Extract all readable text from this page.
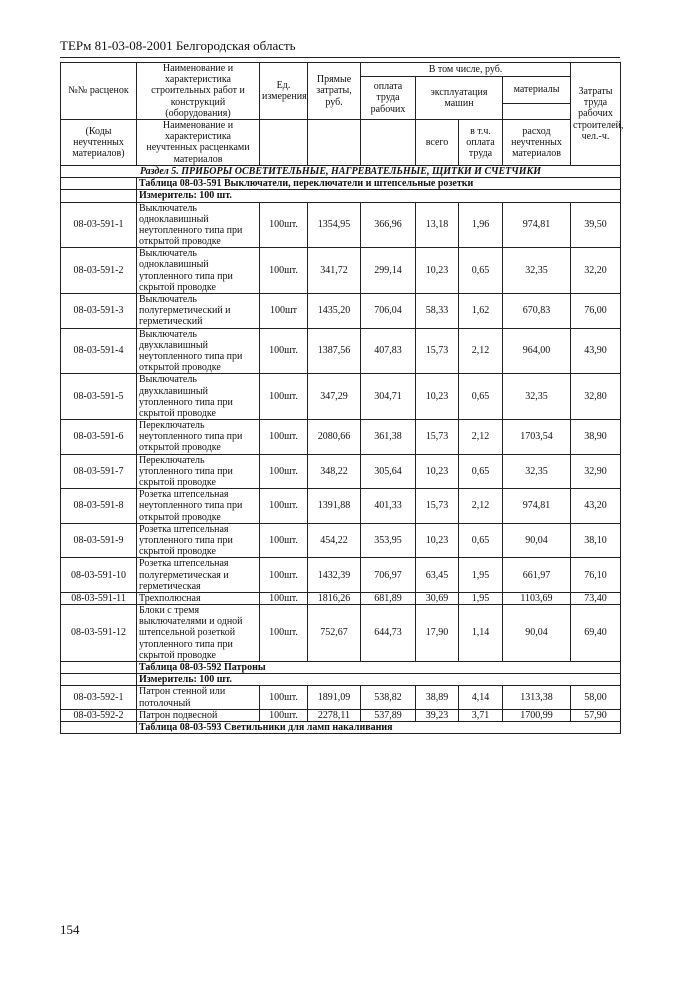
ТЕРм 81-03-08-2001 Белгородская область
№№ расценок	Наименование и характеристика строительных работ и конструкций (оборудования)	Ед. измерения	Прямые затраты, руб.	В том числе, руб.				Затраты труда рабочих строителей, чел.-ч.
				оплата труда рабочих	эксплуатация машин		материалы	

(Коды неучтенных материалов)	Наименование и характеристика неучтенных расценками материалов				всего	в т.ч. оплата труда	расход неучтенных материалов	

Раздел 5. ПРИБОРЫ ОСВЕТИТЕЛЬНЫЕ, НАГРЕВАТЕЛЬНЫЕ, ЩИТКИ И СЧЕТЧИКИ								
	Таблица 08-03-591 Выключатели, переключатели и штепсельные розетки							
	Измеритель: 100 шт.							
08-03-591-1	Выключатель одноклавишный неутопленного типа при открытой проводке	100шт.	1354,95	366,96	13,18	1,96	974,81	39,50
08-03-591-2	Выключатель одноклавишный утопленного типа при скрытой проводке	100шт.	341,72	299,14	10,23	0,65	32,35	32,20
08-03-591-3	Выключатель полугерметический и герметический	100шт	1435,20	706,04	58,33	1,62	670,83	76,00
08-03-591-4	Выключатель двухклавишный неутопленного типа при открытой проводке	100шт.	1387,56	407,83	15,73	2,12	964,00	43,90
08-03-591-5	Выключатель двухклавишный утопленного типа при скрытой проводке	100шт.	347,29	304,71	10,23	0,65	32,35	32,80
08-03-591-6	Переключатель неутопленного типа при открытой проводке	100шт.	2080,66	361,38	15,73	2,12	1703,54	38,90
08-03-591-7	Переключатель утопленного типа при скрытой проводке	100шт.	348,22	305,64	10,23	0,65	32,35	32,90
08-03-591-8	Розетка штепсельная неутопленного типа при открытой проводке	100шт.	1391,88	401,33	15,73	2,12	974,81	43,20
08-03-591-9	Розетка штепсельная утопленного типа при скрытой проводке	100шт.	454,22	353,95	10,23	0,65	90,04	38,10
08-03-591-10	Розетка штепсельная полугерметическая и герметическая	100шт.	1432,39	706,97	63,45	1,95	661,97	76,10
08-03-591-11	Трехполюсная	100шт.	1816,26	681,89	30,69	1,95	1103,69	73,40
08-03-591-12	Блоки с тремя выключателями и одной штепсельной розеткой утопленного типа при скрытой проводке	100шт.	752,67	644,73	17,90	1,14	90,04	69,40
	Таблица 08-03-592 Патроны							
	Измеритель: 100 шт.							
08-03-592-1	Патрон стенной или потолочный	100шт.	1891,09	538,82	38,89	4,14	1313,38	58,00
08-03-592-2	Патрон подвесной	100шт.	2278,11	537,89	39,23	3,71	1700,99	57,90
	Таблица 08-03-593 Светильники для ламп накаливания							
154
